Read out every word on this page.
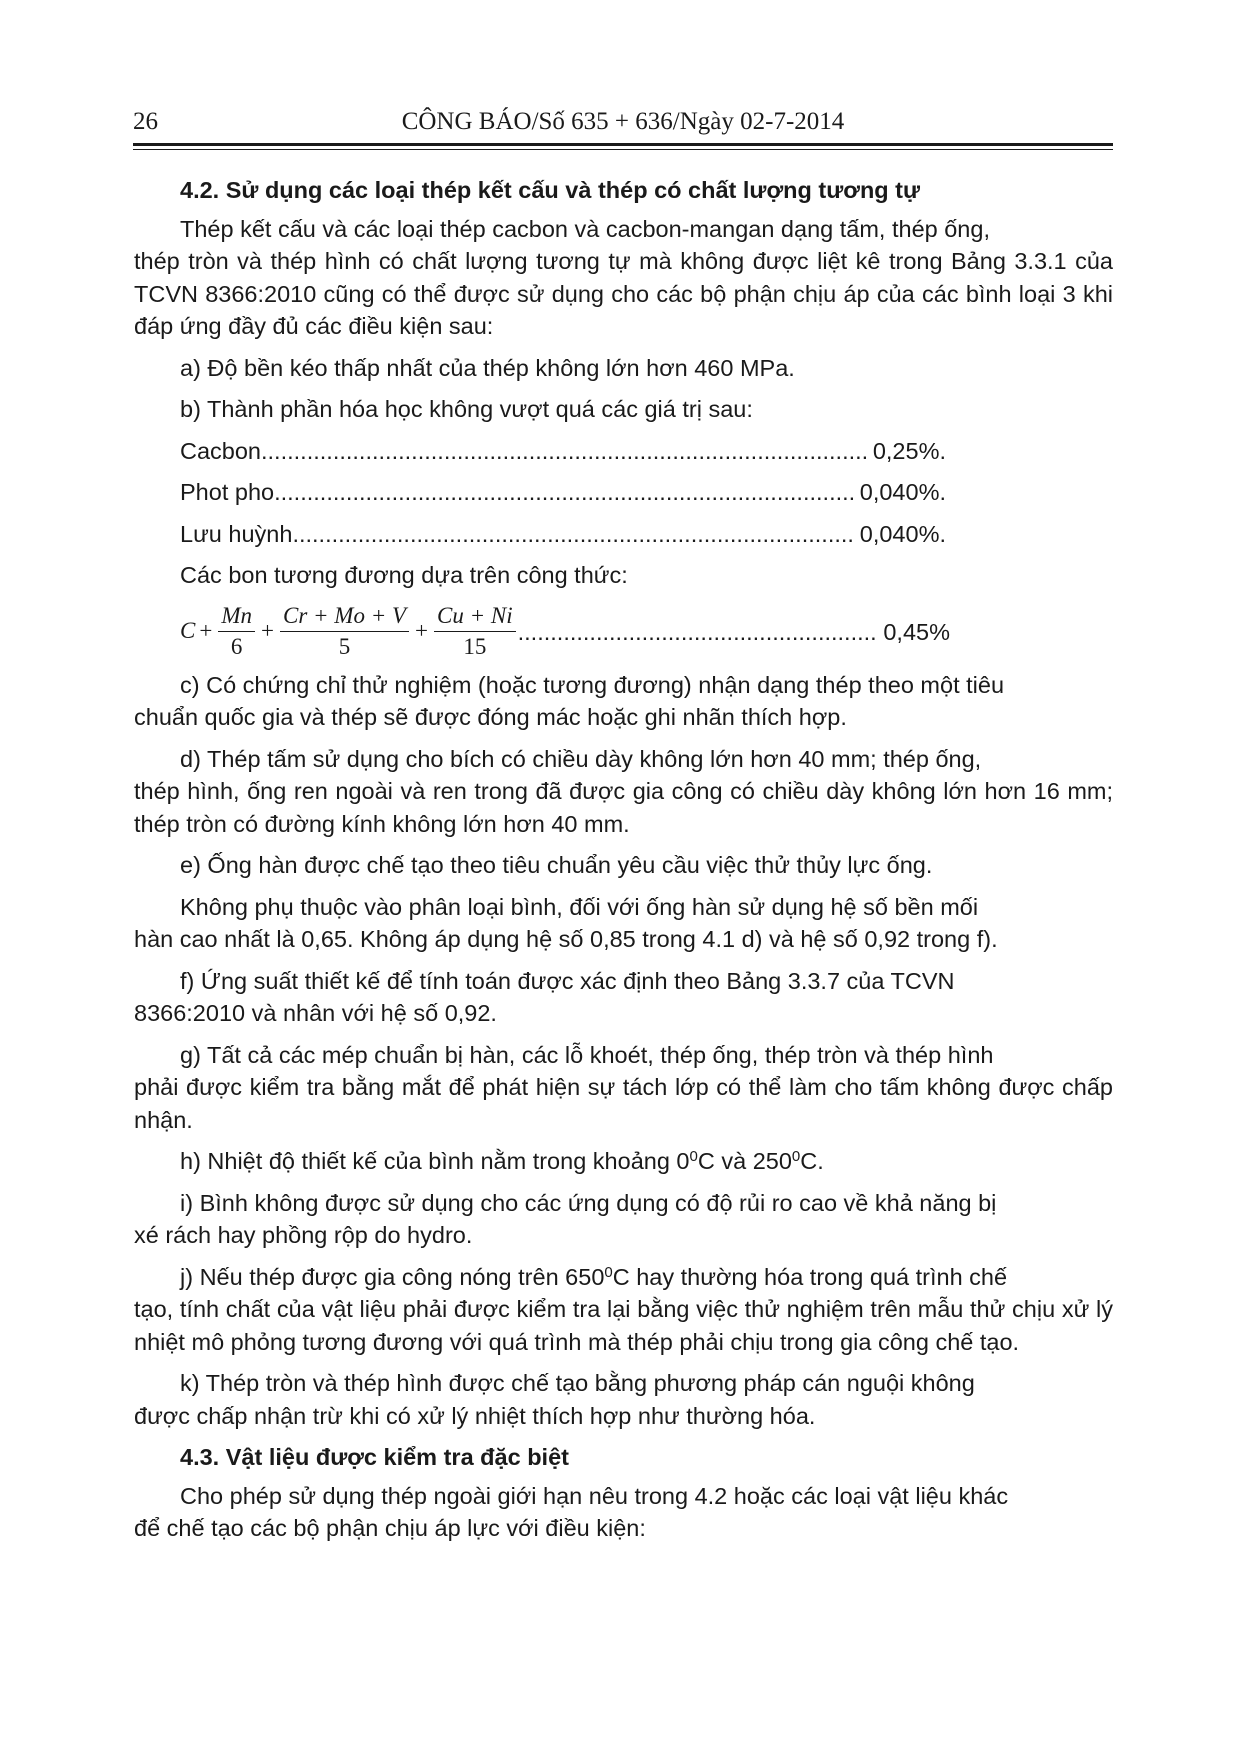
26	CÔNG BÁO/Số 635 + 636/Ngày 02-7-2014
4.2. Sử dụng các loại thép kết cấu và thép có chất lượng tương tự
Thép kết cấu và các loại thép cacbon và cacbon-mangan dạng tấm, thép ống,
thép tròn và thép hình có chất lượng tương tự mà không được liệt kê trong Bảng 3.3.1 của TCVN 8366:2010 cũng có thể được sử dụng cho các bộ phận chịu áp của các bình loại 3 khi đáp ứng đầy đủ các điều kiện sau:
a) Độ bền kéo thấp nhất của thép không lớn hơn 460 MPa.
b) Thành phần hóa học không vượt quá các giá trị sau:
Cacbon .....	0,25%.
Phot pho .....	0,040%.
Lưu huỳnh .....	0,040%.
Các bon tương đương dựa trên công thức:
$C + \frac{Mn}{6} + \frac{Cr + Mo + V}{5} + \frac{Cu + Ni}{15}$ .....	0,45%
c) Có chứng chỉ thử nghiệm (hoặc tương đương) nhận dạng thép theo một tiêu
chuẩn quốc gia và thép sẽ được đóng mác hoặc ghi nhãn thích hợp.
d) Thép tấm sử dụng cho bích có chiều dày không lớn hơn 40 mm; thép ống,
thép hình, ống ren ngoài và ren trong đã được gia công có chiều dày không lớn hơn 16 mm; thép tròn có đường kính không lớn hơn 40 mm.
e) Ống hàn được chế tạo theo tiêu chuẩn yêu cầu việc thử thủy lực ống.
Không phụ thuộc vào phân loại bình, đối với ống hàn sử dụng hệ số bền mối
hàn cao nhất là 0,65. Không áp dụng hệ số 0,85 trong 4.1 d) và hệ số 0,92 trong f).
f) Ứng suất thiết kế để tính toán được xác định theo Bảng 3.3.7 của TCVN
8366:2010 và nhân với hệ số 0,92.
g) Tất cả các mép chuẩn bị hàn, các lỗ khoét, thép ống, thép tròn và thép hình
phải được kiểm tra bằng mắt để phát hiện sự tách lớp có thể làm cho tấm không được chấp nhận.
h) Nhiệt độ thiết kế của bình nằm trong khoảng $0^0C$ và $250^0C$.
i) Bình không được sử dụng cho các ứng dụng có độ rủi ro cao về khả năng bị
xé rách hay phồng rộp do hydro.
j) Nếu thép được gia công nóng trên $650^0C$ hay thường hóa trong quá trình chế
tạo, tính chất của vật liệu phải được kiểm tra lại bằng việc thử nghiệm trên mẫu thử chịu xử lý nhiệt mô phỏng tương đương với quá trình mà thép phải chịu trong gia công chế tạo.
k) Thép tròn và thép hình được chế tạo bằng phương pháp cán nguội không
được chấp nhận trừ khi có xử lý nhiệt thích hợp như thường hóa.
4.3. Vật liệu được kiểm tra đặc biệt
Cho phép sử dụng thép ngoài giới hạn nêu trong 4.2 hoặc các loại vật liệu khác
để chế tạo các bộ phận chịu áp lực với điều kiện:
